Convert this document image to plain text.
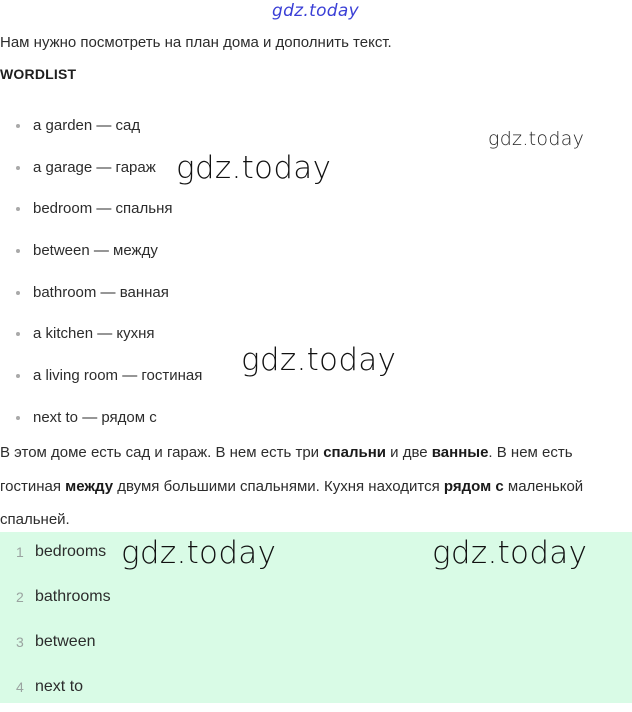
gdz.today
Нам нужно посмотреть на план дома и дополнить текст.
WORDLIST
a garden — сад
a garage — гараж
bedroom — спальня
between — между
bathroom — ванная
a kitchen — кухня
a living room — гостиная
next to — рядом с
В этом доме есть сад и гараж. В нем есть три спальни и две ванные. В нем есть гостиная между двумя большими спальнями. Кухня находится рядом с маленькой спальней.
1 bedrooms
2 bathrooms
3 between
4 next to
gdz.today
gdz.today
gdz.today
gdz.today	gdz.today
